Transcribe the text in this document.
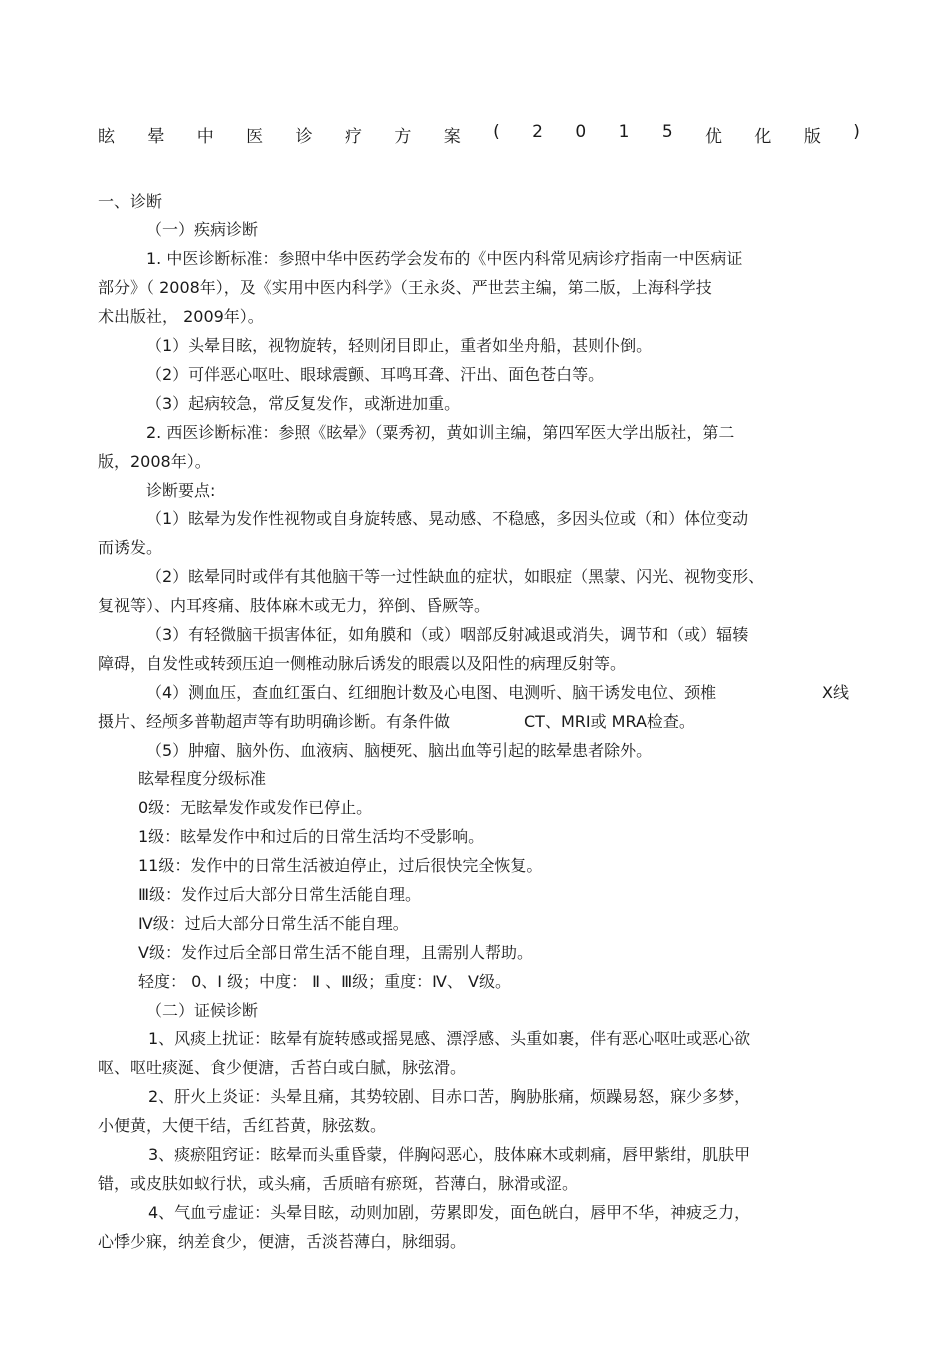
眩 晕 中 医 诊 疗 方 案 ( 2 0 1 5 优 化 版 )
一、诊断
（一）疾病诊断
1. 中医诊断标准：参照中华中医药学会发布的《中医内科常见病诊疗指南一中医病证
部分》（ 2008年），及《实用中医内科学》（王永炎、严世芸主编，第二版，上海科学技
术出版社， 2009年）。
（1）头晕目眩，视物旋转，轻则闭目即止，重者如坐舟船，甚则仆倒。
（2）可伴恶心呕吐、眼球震颤、耳鸣耳聋、汗出、面色苍白等。
（3）起病较急，常反复发作，或渐进加重。
2. 西医诊断标准：参照《眩晕》（粟秀初，黄如训主编，第四军医大学出版社，第二
版，2008年）。
诊断要点:
（1）眩晕为发作性视物或自身旋转感、晃动感、不稳感，多因头位或（和）体位变动
而诱发。
（2）眩晕同时或伴有其他脑干等一过性缺血的症状，如眼症（黑蒙、闪光、视物变形、
复视等）、内耳疼痛、肢体麻木或无力，猝倒、昏厥等。
（3）有轻微脑干损害体征，如角膜和（或）咽部反射减退或消失，调节和（或）辐辏
障碍，自发性或转颈压迫一侧椎动脉后诱发的眼震以及阳性的病理反射等。
（4）测血压，查血红蛋白、红细胞计数及心电图、电测听、脑干诱发电位、颈椎	X线
摄片、经颅多普勒超声等有助明确诊断。有条件做	CT、MRI或 MRA检查。
（5）肿瘤、脑外伤、血液病、脑梗死、脑出血等引起的眩晕患者除外。
眩晕程度分级标准
0级：无眩晕发作或发作已停止。
1级：眩晕发作中和过后的日常生活均不受影响。
11级：发作中的日常生活被迫停止，过后很快完全恢复。
Ⅲ级：发作过后大部分日常生活能自理。
Ⅳ级：过后大部分日常生活不能自理。
Ⅴ级：发作过后全部日常生活不能自理，且需别人帮助。
轻度： 0、Ⅰ 级；中度： Ⅱ 、Ⅲ级；重度：Ⅳ、 Ⅴ级。
（二）证候诊断
1、风痰上扰证：眩晕有旋转感或摇晃感、漂浮感、头重如裹，伴有恶心呕吐或恶心欲
呕、呕吐痰涎、食少便溏，舌苔白或白腻，脉弦滑。
2、肝火上炎证：头晕且痛，其势较剧、目赤口苦，胸胁胀痛，烦躁易怒，寐少多梦，
小便黄，大便干结，舌红苔黄，脉弦数。
3、痰瘀阻窍证：眩晕而头重昏蒙，伴胸闷恶心，肢体麻木或刺痛，唇甲紫绀，肌肤甲
错，或皮肤如蚁行状，或头痛，舌质暗有瘀斑，苔薄白，脉滑或涩。
4、气血亏虚证：头晕目眩，动则加剧，劳累即发，面色㿠白，唇甲不华，神疲乏力，
心悸少寐，纳差食少，便溏，舌淡苔薄白，脉细弱。
